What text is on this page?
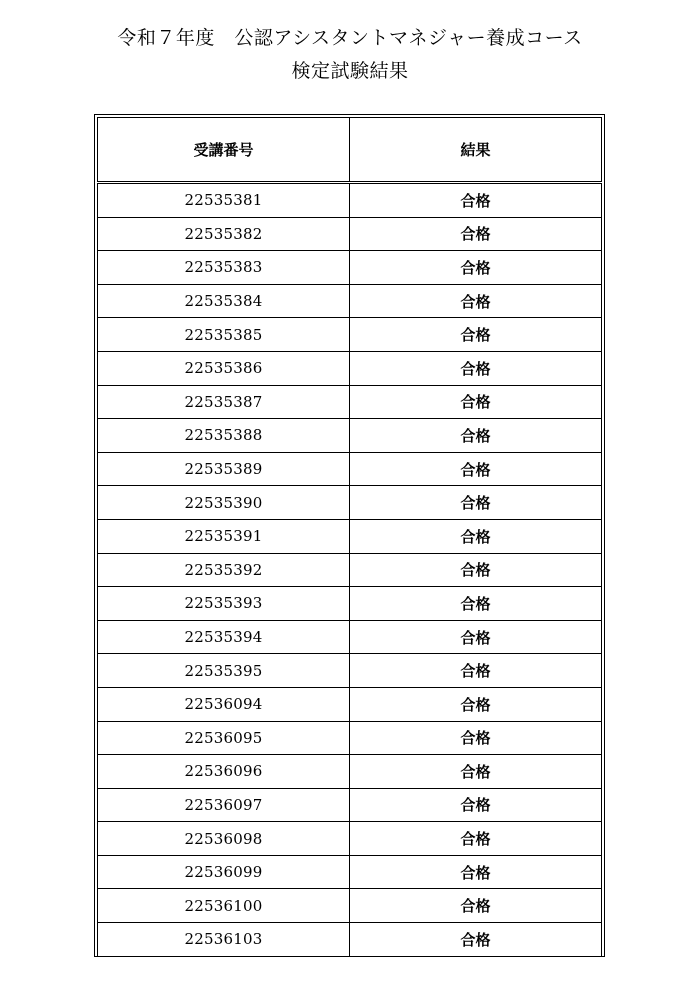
令和７年度　公認アシスタントマネジャー養成コース
検定試験結果
受講番号	結果
22535381	合格
22535382	合格
22535383	合格
22535384	合格
22535385	合格
22535386	合格
22535387	合格
22535388	合格
22535389	合格
22535390	合格
22535391	合格
22535392	合格
22535393	合格
22535394	合格
22535395	合格
22536094	合格
22536095	合格
22536096	合格
22536097	合格
22536098	合格
22536099	合格
22536100	合格
22536103	合格
